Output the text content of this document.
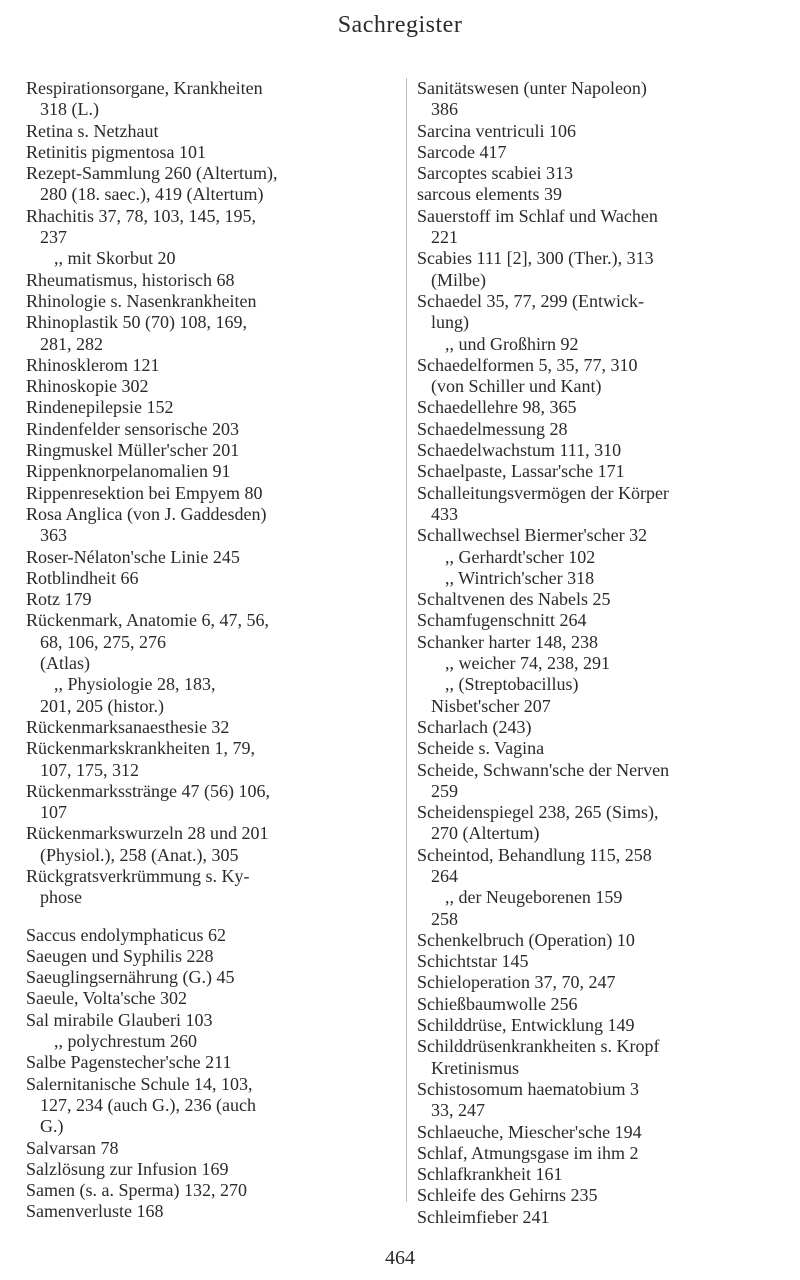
Sachregister
Respirationsorgane, Krankheiten
318 (L.)
Retina s. Netzhaut
Retinitis pigmentosa 101
Rezept-Sammlung 260 (Altertum),
280 (18. saec.), 419 (Altertum)
Rhachitis 37, 78, 103, 145, 195,
237
,, mit Skorbut 20
Rheumatismus, historisch 68
Rhinologie s. Nasenkrankheiten
Rhinoplastik 50 (70) 108, 169,
281, 282
Rhinosklerom 121
Rhinoskopie 302
Rindenepilepsie 152
Rindenfelder sensorische 203
Ringmuskel Müller'scher 201
Rippenknorpelanomalien 91
Rippenresektion bei Empyem 80
Rosa Anglica (von J. Gaddesden)
363
Roser-Nélaton'sche Linie 245
Rotblindheit 66
Rotz 179
Rückenmark, Anatomie 6, 47, 56,
68, 106, 275, 276
(Atlas)
,, Physiologie 28, 183,
201, 205 (histor.)
Rückenmarksanaesthesie 32
Rückenmarkskrankheiten 1, 79,
107, 175, 312
Rückenmarksstränge 47 (56) 106,
107
Rückenmarkswurzeln 28 und 201
(Physiol.), 258 (Anat.), 305
Rückgratsverkrümmung s. Ky-
phose
Saccus endolymphaticus 62
Saeugen und Syphilis 228
Saeuglingsernährung (G.) 45
Saeule, Volta'sche 302
Sal mirabile Glauberi 103
,, polychrestum 260
Salbe Pagenstecher'sche 211
Salernitanische Schule 14, 103,
127, 234 (auch G.), 236 (auch
G.)
Salvarsan 78
Salzlösung zur Infusion 169
Samen (s. a. Sperma) 132, 270
Samenverluste 168
Sanitätswesen (unter Napoleon)
386
Sarcina ventriculi 106
Sarcode 417
Sarcoptes scabiei 313
sarcous elements 39
Sauerstoff im Schlaf und Wachen
221
Scabies 111 [2], 300 (Ther.), 313
(Milbe)
Schaedel 35, 77, 299 (Entwick-
lung)
,, und Großhirn 92
Schaedelformen 5, 35, 77, 310
(von Schiller und Kant)
Schaedellehre 98, 365
Schaedelmessung 28
Schaedelwachstum 111, 310
Schaelpaste, Lassar'sche 171
Schalleitungsvermögen der Körper
433
Schallwechsel Biermer'scher 32
,, Gerhardt'scher 102
,, Wintrich'scher 318
Schaltvenen des Nabels 25
Schamfugenschnitt 264
Schanker harter 148, 238
,, weicher 74, 238, 291
,, (Streptobacillus)
Nisbet'scher 207
Scharlach (243)
Scheide s. Vagina
Scheide, Schwann'sche der Nerven
259
Scheidenspiegel 238, 265 (Sims),
270 (Altertum)
Scheintod, Behandlung 115, 258
264
,, der Neugeborenen 159
258
Schenkelbruch (Operation) 10
Schichtstar 145
Schieloperation 37, 70, 247
Schießbaumwolle 256
Schilddrüse, Entwicklung 149
Schilddrüsenkrankheiten s. Kropf
Kretinismus
Schistosomum haematobium 3
33, 247
Schlaeuche, Miescher'sche 194
Schlaf, Atmungsgase im ihm 2
Schlafkrankheit 161
Schleife des Gehirns 235
Schleimfieber 241
464
